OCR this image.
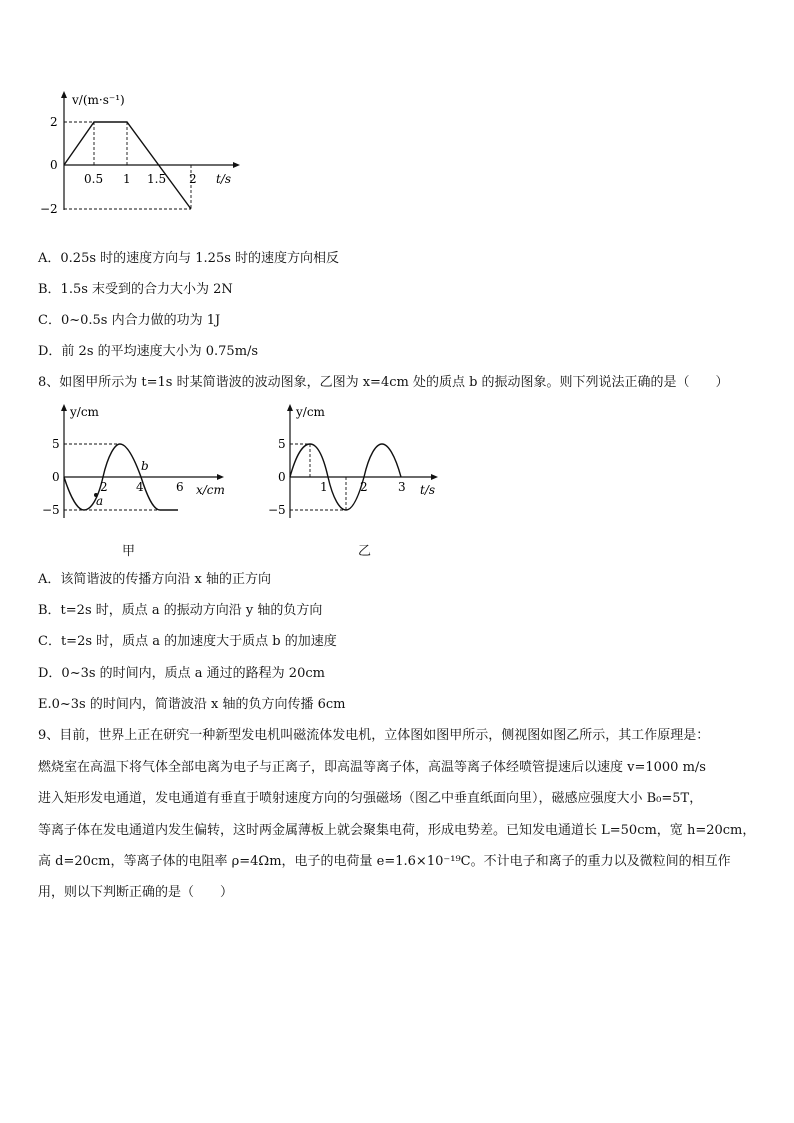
v/(m·s⁻¹)
t/s
2
0
−2
0.5 1 1.5 2
A．0.25s 时的速度方向与 1.25s 时的速度方向相反
B．1.5s 末受到的合力大小为 2N
C．0~0.5s 内合力做的功为 1J
D．前 2s 的平均速度大小为 0.75m/s
8、如图甲所示为 t=1s 时某简谐波的波动图象，乙图为 x=4cm 处的质点 b 的振动图象。则下列说法正确的是（　　）
y/cm
x/cm
5
0
−5
2 4	6
a
b
甲
y/cm
t/s
5
0
−5
1	2	3
乙
A．该简谐波的传播方向沿 x 轴的正方向
B．t=2s 时，质点 a 的振动方向沿 y 轴的负方向
C．t=2s 时，质点 a 的加速度大于质点 b 的加速度
D．0~3s 的时间内，质点 a 通过的路程为 20cm
E.0~3s 的时间内，简谐波沿 x 轴的负方向传播 6cm
9、目前，世界上正在研究一种新型发电机叫磁流体发电机，立体图如图甲所示，侧视图如图乙所示，其工作原理是：
燃烧室在高温下将气体全部电离为电子与正离子，即高温等离子体，高温等离子体经喷管提速后以速度 v=1000 m/s
进入矩形发电通道，发电通道有垂直于喷射速度方向的匀强磁场（图乙中垂直纸面向里），磁感应强度大小 B₀=5T，
等离子体在发电通道内发生偏转，这时两金属薄板上就会聚集电荷，形成电势差。已知发电通道长 L=50cm，宽 h=20cm，
高 d=20cm，等离子体的电阻率 ρ=4Ωm，电子的电荷量 e=1.6×10⁻¹⁹C。不计电子和离子的重力以及微粒间的相互作
用，则以下判断正确的是（　　）
